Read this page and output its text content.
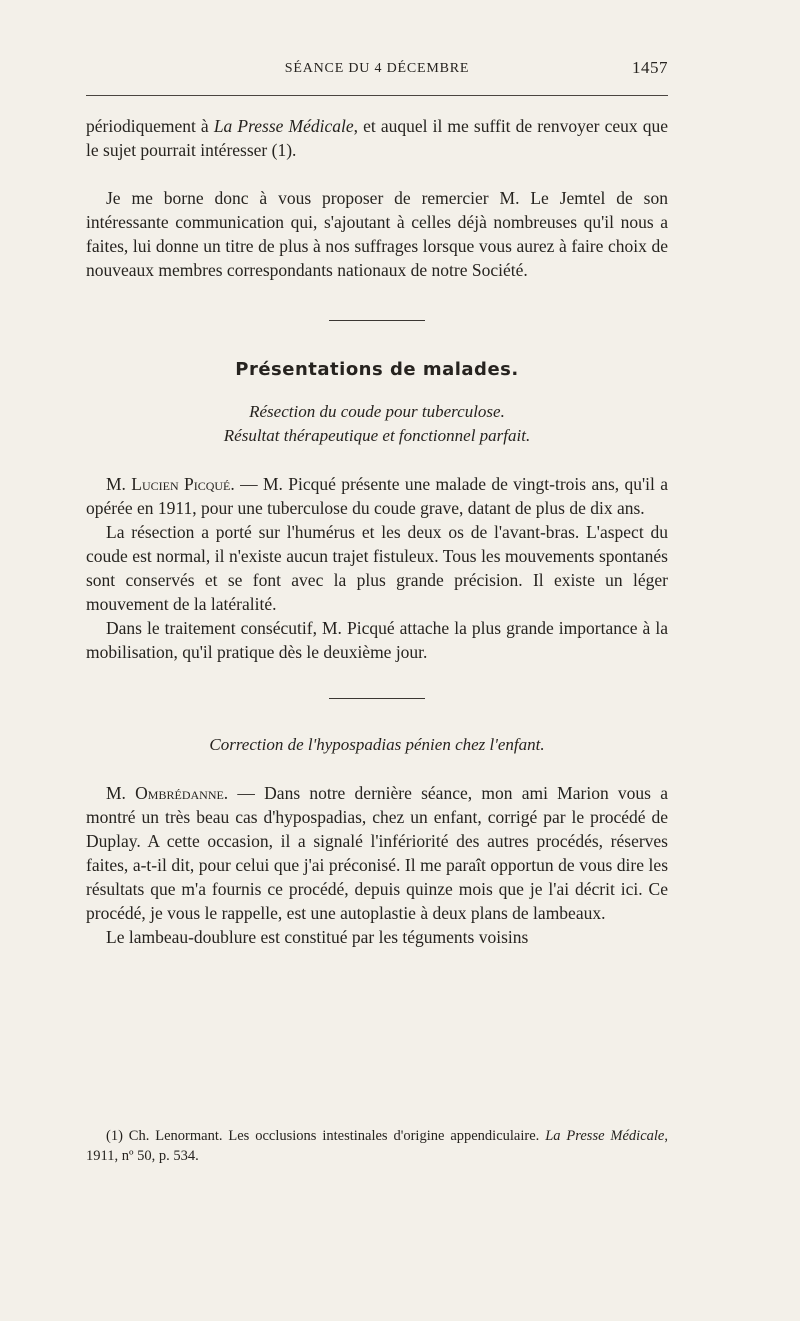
SÉANCE DU 4 DÉCEMBRE	1457

périodiquement à La Presse Médicale, et auquel il me suffit de renvoyer ceux que le sujet pourrait intéresser (1).

Je me borne donc à vous proposer de remercier M. Le Jemtel de son intéressante communication qui, s'ajoutant à celles déjà nombreuses qu'il nous a faites, lui donne un titre de plus à nos suffrages lorsque vous aurez à faire choix de nouveaux membres correspondants nationaux de notre Société.

Présentations de malades.

Résection du coude pour tuberculose.

Résultat thérapeutique et fonctionnel parfait.

M. Lucien Picqué. — M. Picqué présente une malade de vingt-trois ans, qu'il a opérée en 1911, pour une tuberculose du coude grave, datant de plus de dix ans.

La résection a porté sur l'humérus et les deux os de l'avant-bras. L'aspect du coude est normal, il n'existe aucun trajet fistuleux. Tous les mouvements spontanés sont conservés et se font avec la plus grande précision. Il existe un léger mouvement de la latéralité.

Dans le traitement consécutif, M. Picqué attache la plus grande importance à la mobilisation, qu'il pratique dès le deuxième jour.

Correction de l'hypospadias pénien chez l'enfant.

M. Ombrédanne. — Dans notre dernière séance, mon ami Marion vous a montré un très beau cas d'hypospadias, chez un enfant, corrigé par le procédé de Duplay. A cette occasion, il a signalé l'infériorité des autres procédés, réserves faites, a-t-il dit, pour celui que j'ai préconisé. Il me paraît opportun de vous dire les résultats que m'a fournis ce procédé, depuis quinze mois que je l'ai décrit ici. Ce procédé, je vous le rappelle, est une autoplastie à deux plans de lambeaux.

Le lambeau-doublure est constitué par les téguments voisins

(1) Ch. Lenormant. Les occlusions intestinales d'origine appendiculaire. La Presse Médicale, 1911, nº 50, p. 534.
